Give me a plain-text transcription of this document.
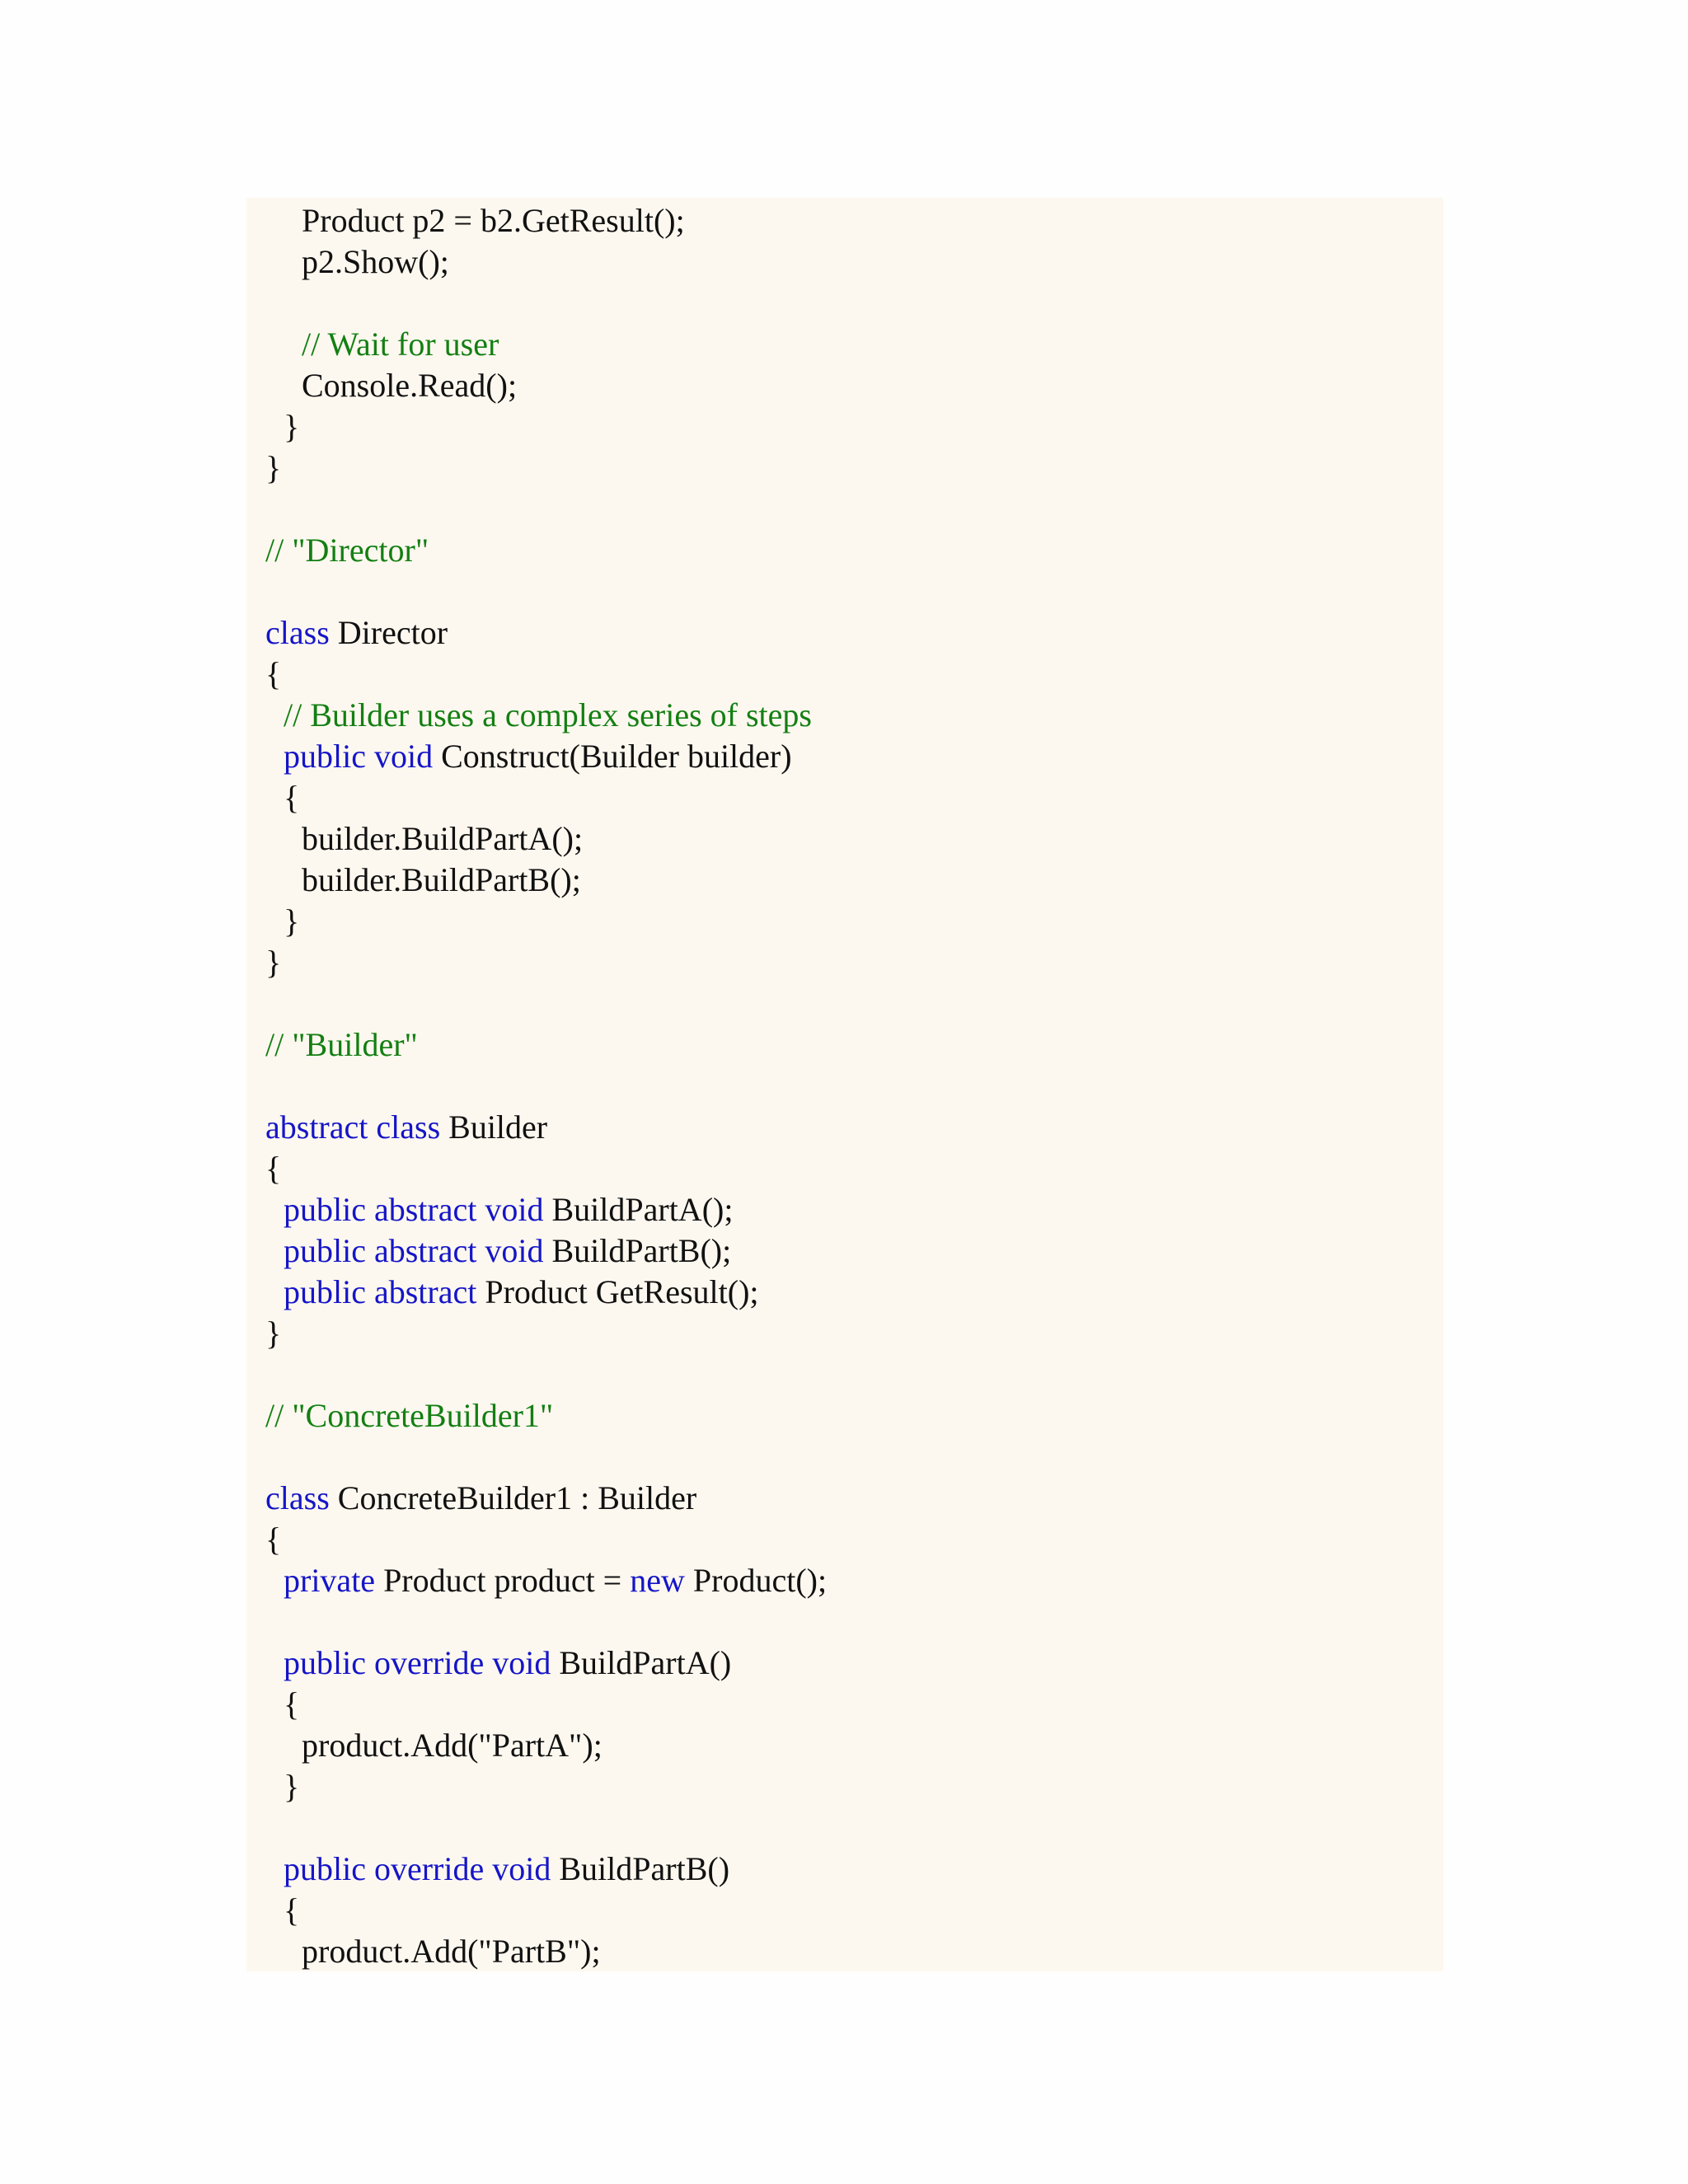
Product p2 = b2.GetResult();
p2.Show();
// Wait for user
Console.Read();
}
}
// "Director"
class Director
{
// Builder uses a complex series of steps
public void Construct(Builder builder)
{
builder.BuildPartA();
builder.BuildPartB();
}
}
// "Builder"
abstract class Builder
{
public abstract void BuildPartA();
public abstract void BuildPartB();
public abstract Product GetResult();
}
// "ConcreteBuilder1"
class ConcreteBuilder1 : Builder
{
private Product product = new Product();
public override void BuildPartA()
{
product.Add("PartA");
}
public override void BuildPartB()
{
product.Add("PartB");
